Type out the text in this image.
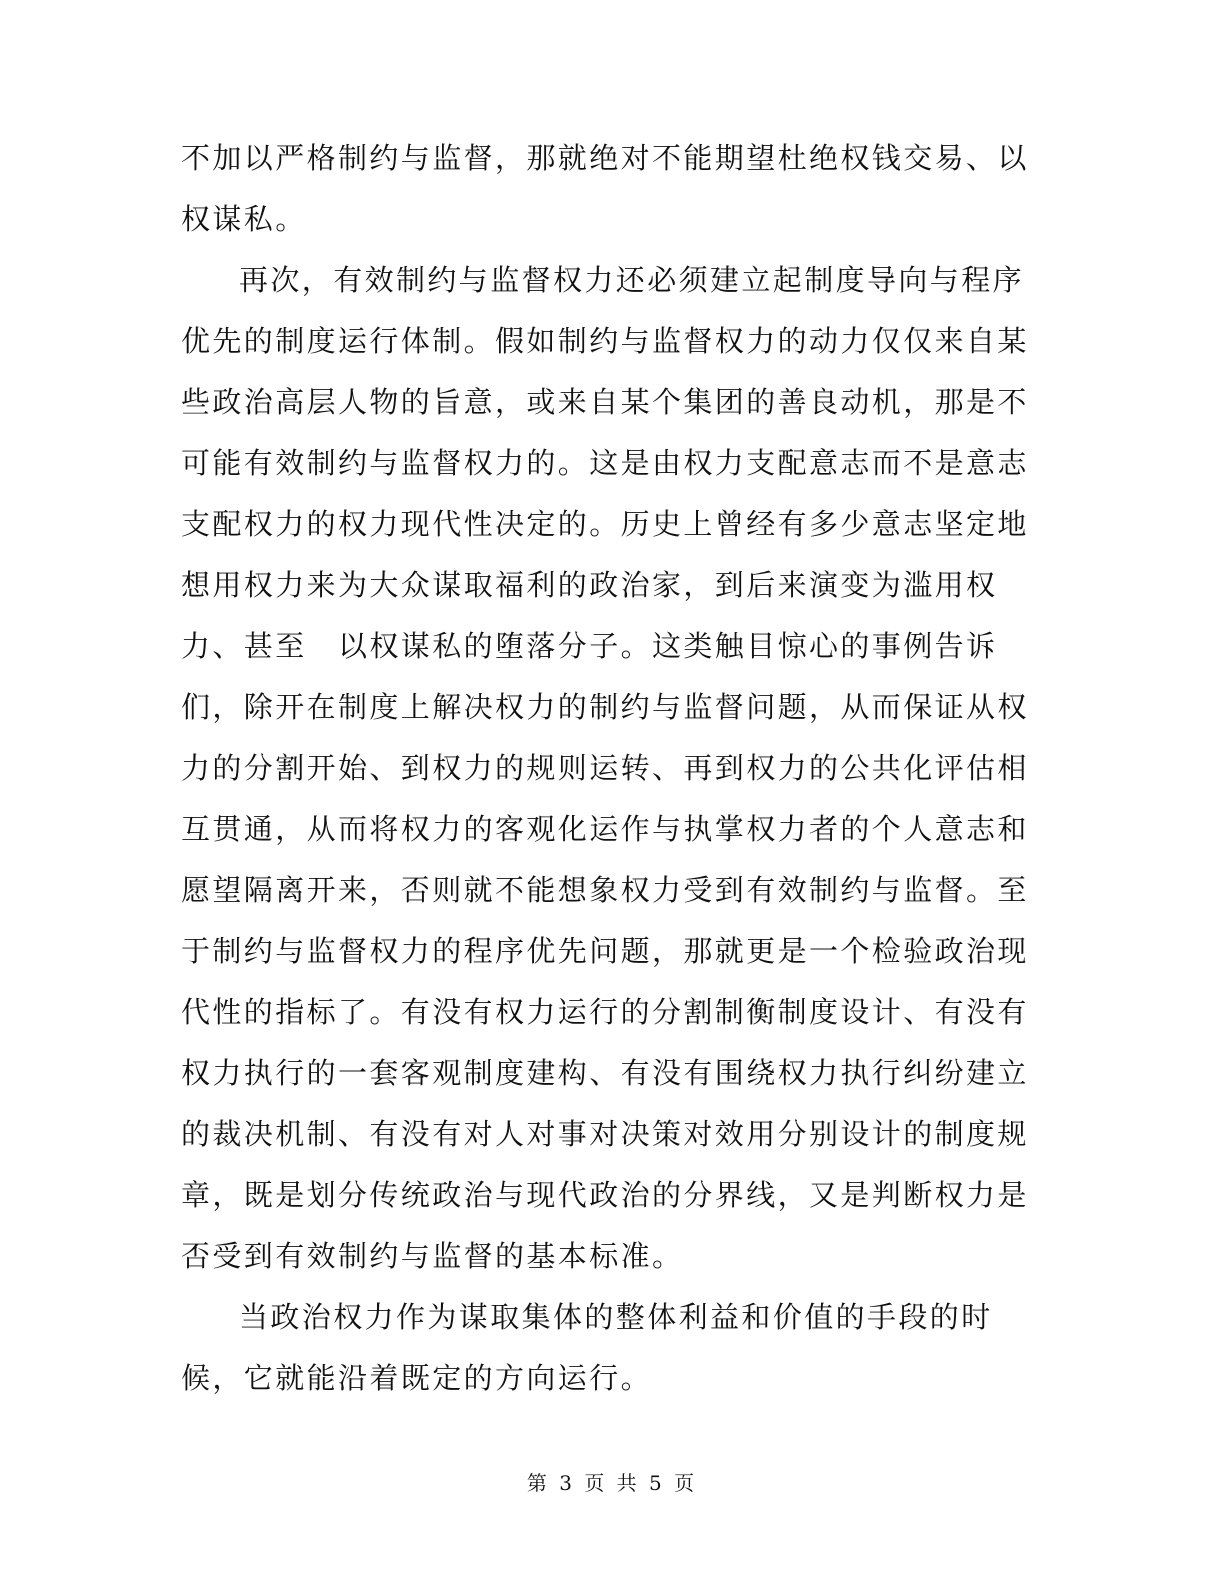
不加以严格制约与监督，那就绝对不能期望杜绝权钱交易、以
权谋私。
再次，有效制约与监督权力还必须建立起制度导向与程序
优先的制度运行体制。假如制约与监督权力的动力仅仅来自某
些政治高层人物的旨意，或来自某个集团的善良动机，那是不
可能有效制约与监督权力的。这是由权力支配意志而不是意志
支配权力的权力现代性决定的。历史上曾经有多少意志坚定地
想用权力来为大众谋取福利的政治家，到后来演变为滥用权
力、甚至　以权谋私的堕落分子。这类触目惊心的事例告诉
们，除开在制度上解决权力的制约与监督问题，从而保证从权
力的分割开始、到权力的规则运转、再到权力的公共化评估相
互贯通，从而将权力的客观化运作与执掌权力者的个人意志和
愿望隔离开来，否则就不能想象权力受到有效制约与监督。至
于制约与监督权力的程序优先问题，那就更是一个检验政治现
代性的指标了。有没有权力运行的分割制衡制度设计、有没有
权力执行的一套客观制度建构、有没有围绕权力执行纠纷建立
的裁决机制、有没有对人对事对决策对效用分别设计的制度规
章，既是划分传统政治与现代政治的分界线，又是判断权力是
否受到有效制约与监督的基本标准。
当政治权力作为谋取集体的整体利益和价值的手段的时
候，它就能沿着既定的方向运行。
第 3 页 共 5 页
